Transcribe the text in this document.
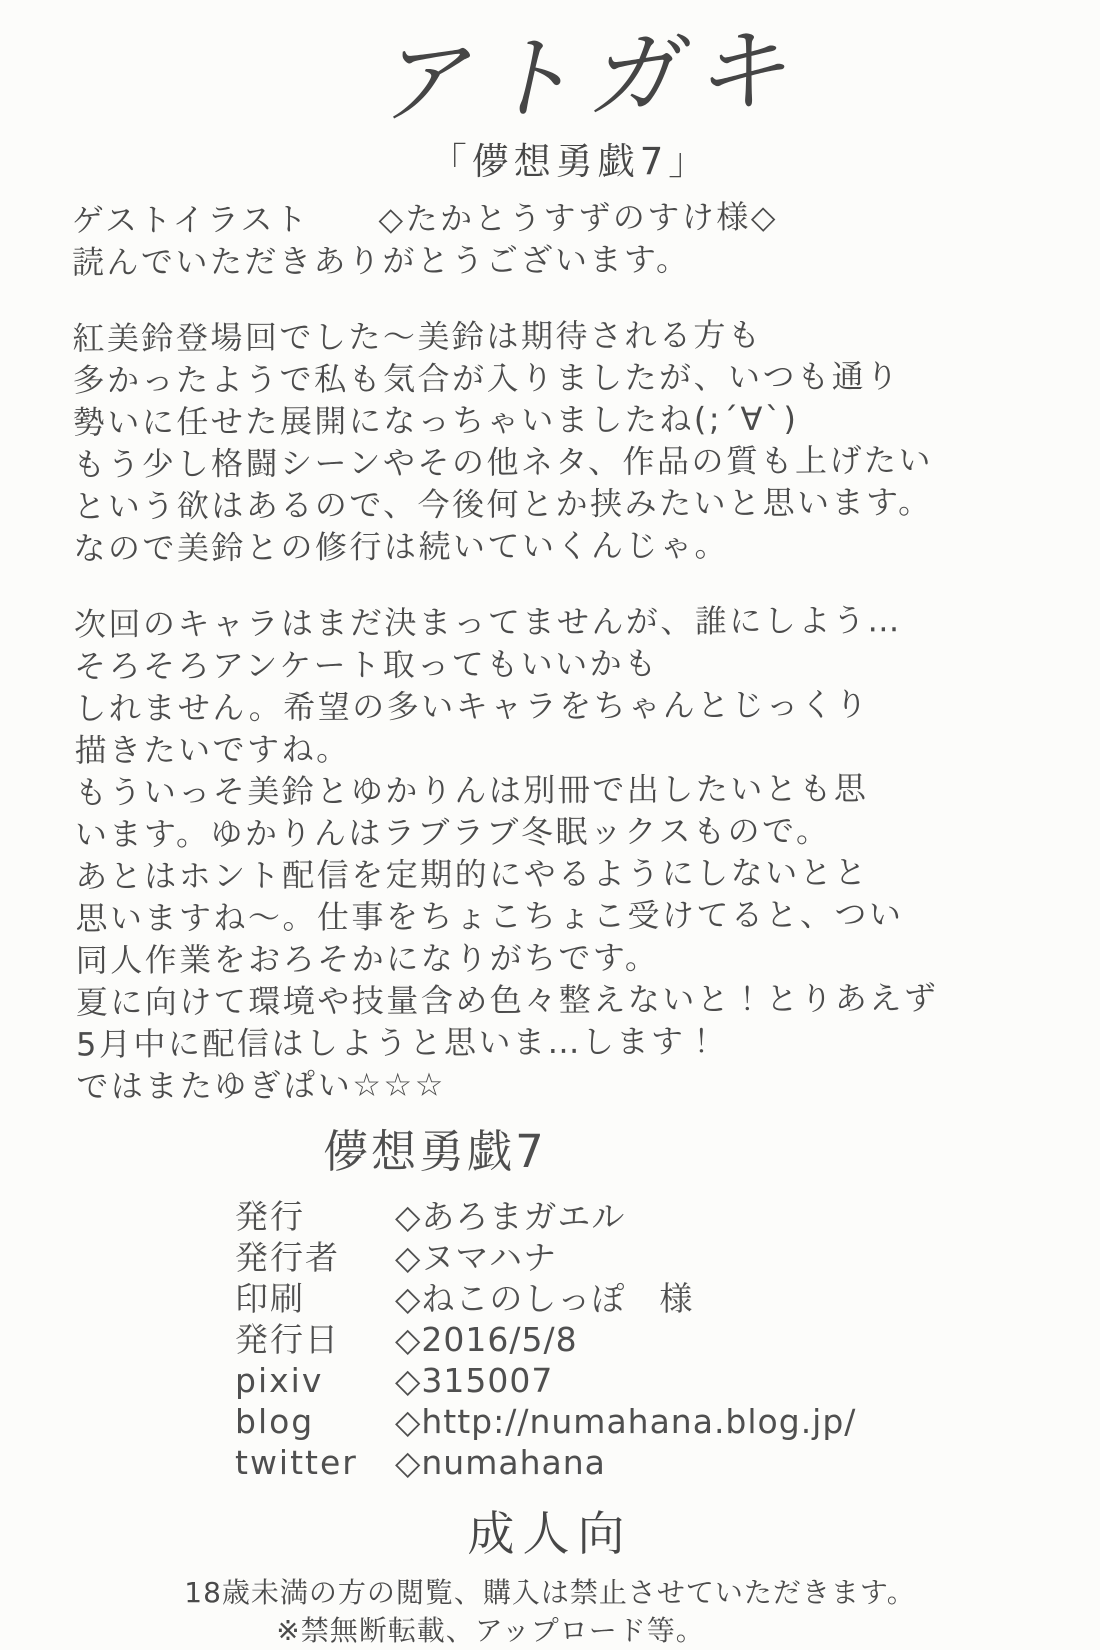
アトガキ
「儚想勇戯7」

ゲストイラスト　　◇たかとうすずのすけ様◇

読んでいただきありがとうございます。

紅美鈴登場回でした～美鈴は期待される方も

多かったようで私も気合が入りましたが、いつも通り

勢いに任せた展開になっちゃいましたね(;´∀`)

もう少し格闘シーンやその他ネタ、作品の質も上げたい

という欲はあるので、今後何とか挟みたいと思います。

なので美鈴との修行は続いていくんじゃ。

次回のキャラはまだ決まってませんが、誰にしよう…

そろそろアンケート取ってもいいかも

しれません。希望の多いキャラをちゃんとじっくり

描きたいですね。

もういっそ美鈴とゆかりんは別冊で出したいとも思

います。ゆかりんはラブラブ冬眠ックスもので。

あとはホント配信を定期的にやるようにしないとと

思いますね～。仕事をちょこちょこ受けてると、つい

同人作業をおろそかになりがちです。

夏に向けて環境や技量含め色々整えないと！とりあえず

5月中に配信はしようと思いま…します！

ではまたゆぎぱい☆☆☆

儚想勇戯7
発行	◇あろまガエル
発行者	◇ヌマハナ
印刷	◇ねこのしっぽ　様
発行日	◇2016/5/8
pixiv	◇315007
blog	◇http://numahana.blog.jp/
twitter	◇numahana
成人向

18歳未満の方の閲覧、購入は禁止させていただきます。

※禁無断転載、アップロード等。
